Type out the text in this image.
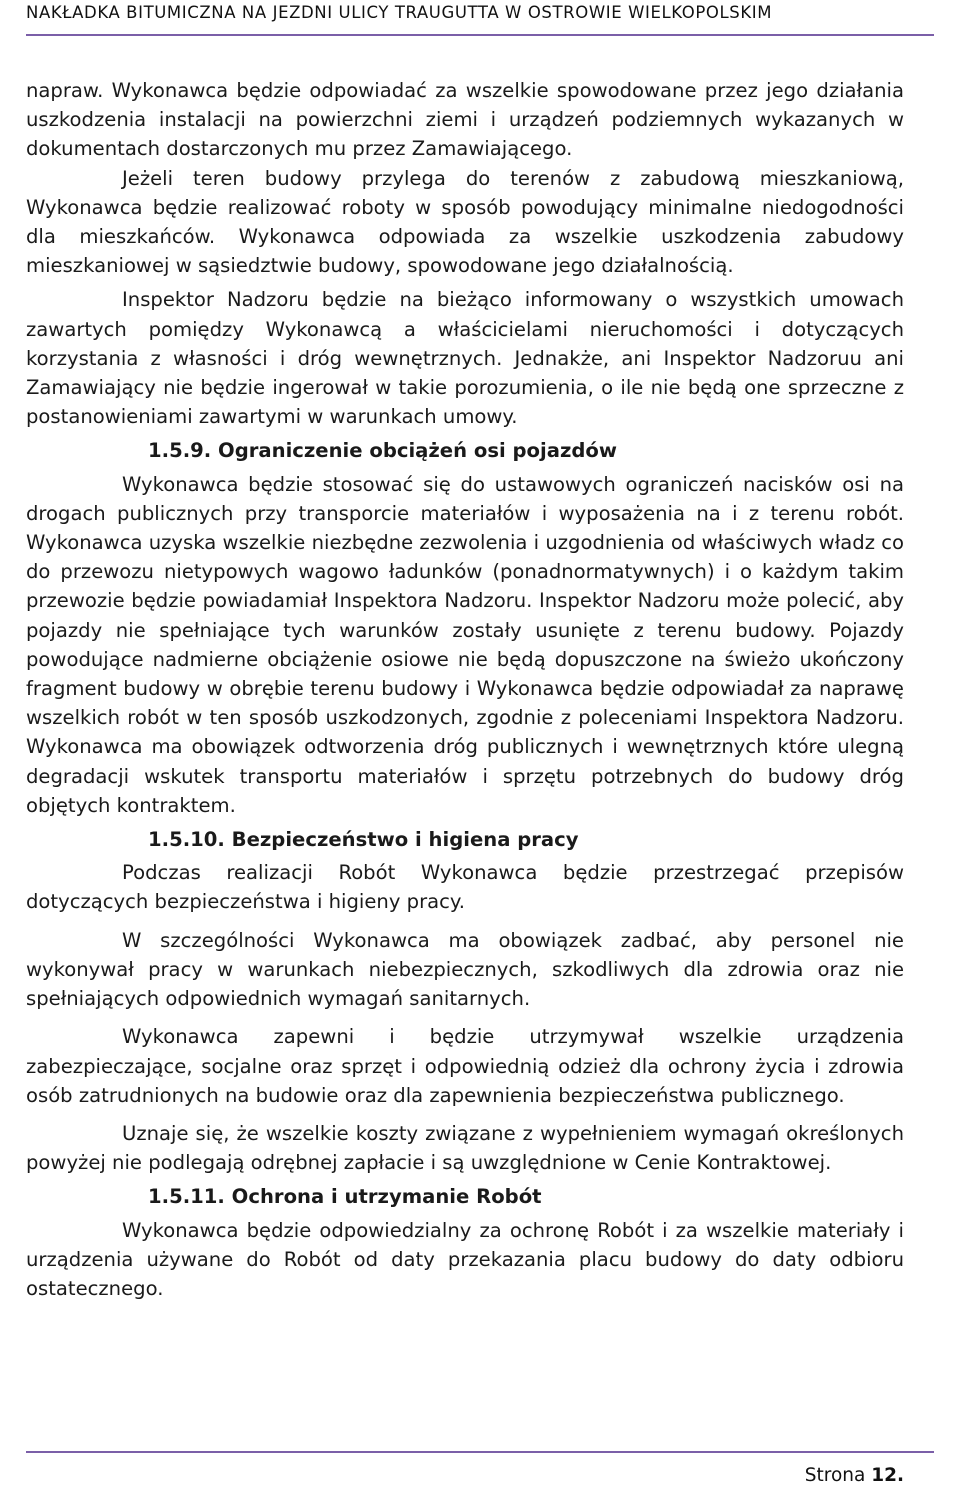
NAKŁADKA BITUMICZNA NA JEZDNI ULICY TRAUGUTTA W OSTROWIE WIELKOPOLSKIM

napraw. Wykonawca będzie odpowiadać za wszelkie spowodowane przez jego działania uszkodzenia instalacji na powierzchni ziemi i urządzeń podziemnych wykazanych w dokumentach dostarczonych mu przez Zamawiającego.

Jeżeli teren budowy przylega do terenów z zabudową mieszkaniową, Wykonawca będzie realizować roboty w sposób powodujący minimalne niedogodności dla mieszkańców. Wykonawca odpowiada za wszelkie uszkodzenia zabudowy mieszkaniowej w sąsiedztwie budowy, spowodowane jego działalnością.

Inspektor Nadzoru będzie na bieżąco informowany o wszystkich umowach zawartych pomiędzy Wykonawcą a właścicielami nieruchomości i dotyczących korzystania z własności i dróg wewnętrznych. Jednakże, ani Inspektor Nadzoruu ani Zamawiający nie będzie ingerował w takie porozumienia, o ile nie będą one sprzeczne z postanowieniami zawartymi w warunkach umowy.

1.5.9. Ograniczenie obciążeń osi pojazdów

Wykonawca będzie stosować się do ustawowych ograniczeń nacisków osi na drogach publicznych przy transporcie materiałów i wyposażenia na i z terenu robót. Wykonawca uzyska wszelkie niezbędne zezwolenia i uzgodnienia od właściwych władz co do przewozu nietypowych wagowo ładunków (ponadnormatywnych) i o każdym takim przewozie będzie powiadamiał Inspektora Nadzoru. Inspektor Nadzoru może polecić, aby pojazdy nie spełniające tych warunków zostały usunięte z terenu budowy. Pojazdy powodujące nadmierne obciążenie osiowe nie będą dopuszczone na świeżo ukończony fragment budowy w obrębie terenu budowy i Wykonawca będzie odpowiadał za naprawę wszelkich robót w ten sposób uszkodzonych, zgodnie z poleceniami Inspektora Nadzoru. Wykonawca ma obowiązek odtworzenia dróg publicznych i wewnętrznych które ulegną degradacji wskutek transportu materiałów i sprzętu potrzebnych do budowy dróg objętych kontraktem.

1.5.10. Bezpieczeństwo i higiena pracy

Podczas realizacji Robót Wykonawca będzie przestrzegać przepisów dotyczących bezpieczeństwa i higieny pracy.

W szczególności Wykonawca ma obowiązek zadbać, aby personel nie wykonywał pracy w warunkach niebezpiecznych, szkodliwych dla zdrowia oraz nie spełniających odpowiednich wymagań sanitarnych.

Wykonawca zapewni i będzie utrzymywał wszelkie urządzenia zabezpieczające, socjalne oraz sprzęt i odpowiednią odzież dla ochrony życia i zdrowia osób zatrudnionych na budowie oraz dla zapewnienia bezpieczeństwa publicznego.

Uznaje się, że wszelkie koszty związane z wypełnieniem wymagań określonych powyżej nie podlegają odrębnej zapłacie i są uwzględnione w Cenie Kontraktowej.

1.5.11. Ochrona i utrzymanie Robót

Wykonawca będzie odpowiedzialny za ochronę Robót i za wszelkie materiały i urządzenia używane do Robót od daty przekazania placu budowy do daty odbioru ostatecznego.

Strona 12.
